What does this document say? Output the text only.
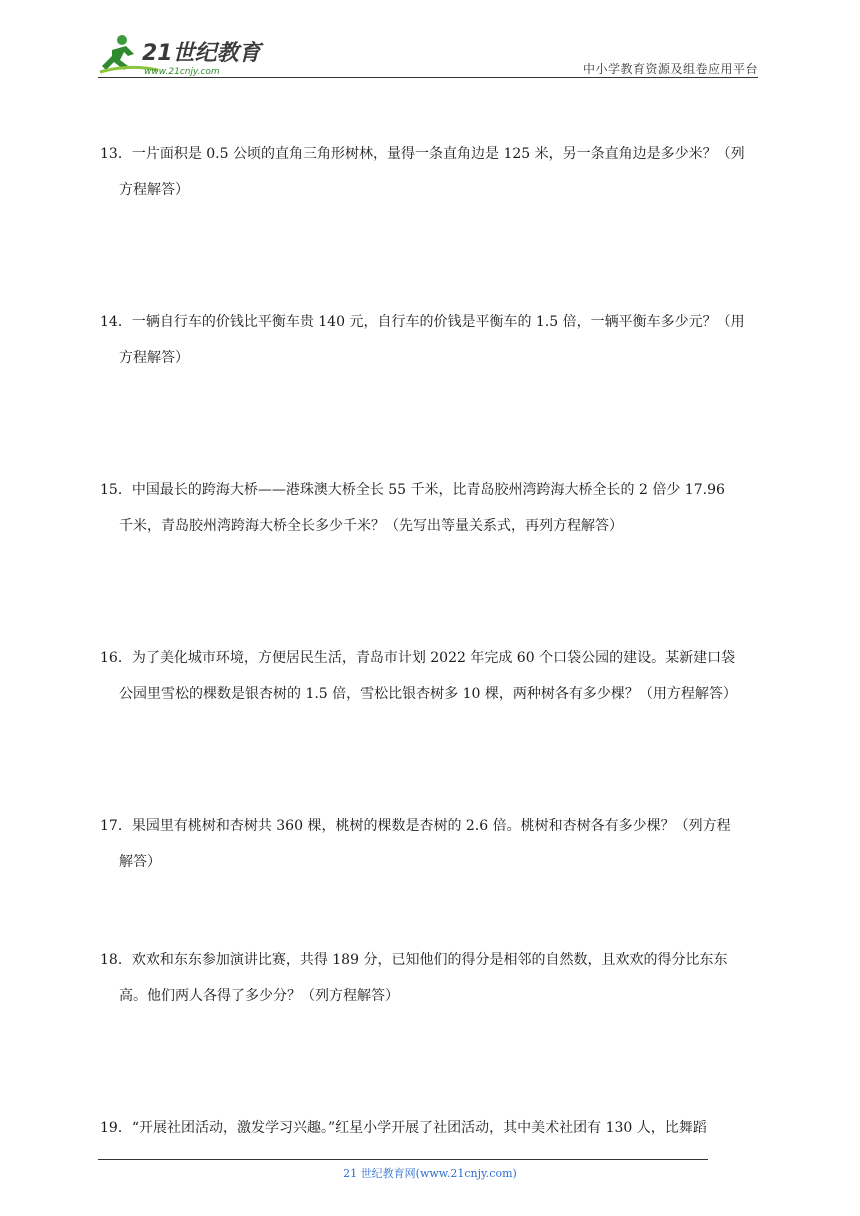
21世纪教育
www.21cnjy.com	中小学教育资源及组卷应用平台
13．一片面积是 0.5 公顷的直角三角形树林，量得一条直角边是 125 米，另一条直角边是多少米？（列
方程解答）
14．一辆自行车的价钱比平衡车贵 140 元，自行车的价钱是平衡车的 1.5 倍，一辆平衡车多少元？（用
方程解答）
15．中国最长的跨海大桥——港珠澳大桥全长 55 千米，比青岛胶州湾跨海大桥全长的 2 倍少 17.96
千米，青岛胶州湾跨海大桥全长多少千米？（先写出等量关系式，再列方程解答）
16．为了美化城市环境，方便居民生活，青岛市计划 2022 年完成 60 个口袋公园的建设。某新建口袋
公园里雪松的棵数是银杏树的 1.5 倍，雪松比银杏树多 10 棵，两种树各有多少棵？（用方程解答）
17．果园里有桃树和杏树共 360 棵，桃树的棵数是杏树的 2.6 倍。桃树和杏树各有多少棵？（列方程
解答）
18．欢欢和东东参加演讲比赛，共得 189 分，已知他们的得分是相邻的自然数，且欢欢的得分比东东
高。他们两人各得了多少分？（列方程解答）
19．“开展社团活动，激发学习兴趣。”红星小学开展了社团活动，其中美术社团有 130 人，比舞蹈
21 世纪教育网(www.21cnjy.com)
